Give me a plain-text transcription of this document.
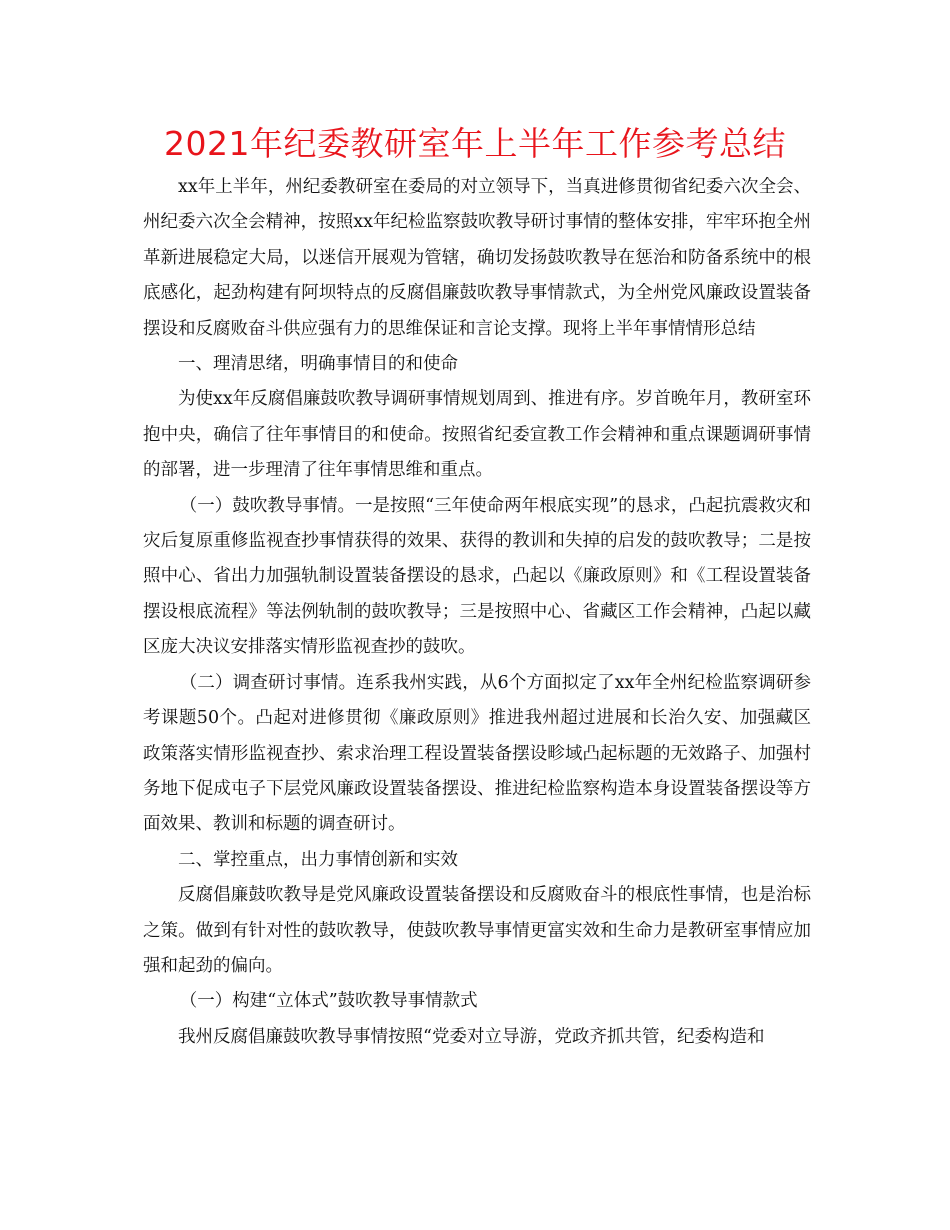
2021年纪委教研室年上半年工作参考总结

xx年上半年，州纪委教研室在委局的对立领导下，当真进修贯彻省纪委六次全会、州纪委六次全会精神，按照xx年纪检监察鼓吹教导研讨事情的整体安排，牢牢环抱全州革新进展稳定大局，以迷信开展观为管辖，确切发扬鼓吹教导在惩治和防备系统中的根底感化，起劲构建有阿坝特点的反腐倡廉鼓吹教导事情款式，为全州党风廉政设置装备摆设和反腐败奋斗供应强有力的思维保证和言论支撑。现将上半年事情情形总结

一、理清思绪，明确事情目的和使命

为使xx年反腐倡廉鼓吹教导调研事情规划周到、推进有序。岁首晩年月，教研室环抱中央，确信了往年事情目的和使命。按照省纪委宣教工作会精神和重点课题调研事情的部署，进一步理清了往年事情思维和重点。

（一）鼓吹教导事情。一是按照“三年使命两年根底实现”的恳求，凸起抗震救灾和灾后复原重修监视查抄事情获得的效果、获得的教训和失掉的启发的鼓吹教导；二是按照中心、省出力加强轨制设置装备摆设的恳求，凸起以《廉政原则》和《工程设置装备摆设根底流程》等法例轨制的鼓吹教导；三是按照中心、省藏区工作会精神，凸起以藏区庞大决议安排落实情形监视查抄的鼓吹。

（二）调查研讨事情。连系我州实践，从6个方面拟定了xx年全州纪检监察调研参考课题50个。凸起对进修贯彻《廉政原则》推进我州超过进展和长治久安、加强藏区政策落实情形监视查抄、索求治理工程设置装备摆设畛域凸起标题的无效路子、加强村务地下促成屯子下层党风廉政设置装备摆设、推进纪检监察构造本身设置装备摆设等方面效果、教训和标题的调查研讨。

二、掌控重点，出力事情创新和实效

反腐倡廉鼓吹教导是党风廉政设置装备摆设和反腐败奋斗的根底性事情，也是治标之策。做到有针对性的鼓吹教导，使鼓吹教导事情更富实效和生命力是教研室事情应加强和起劲的偏向。

（一）构建“立体式”鼓吹教导事情款式

我州反腐倡廉鼓吹教导事情按照“党委对立导游，党政齐抓共管，纪委构造和
